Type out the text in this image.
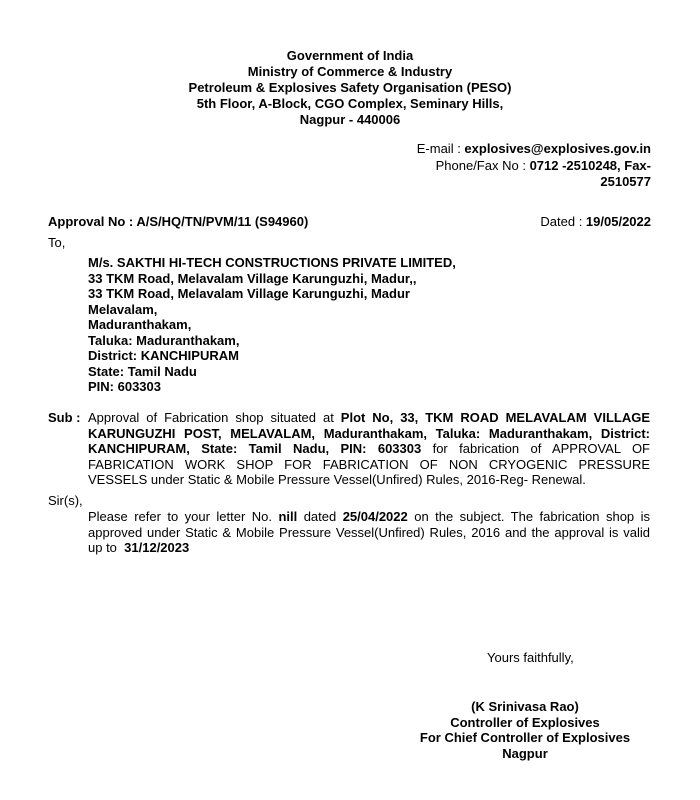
Government of India
Ministry of Commerce & Industry
Petroleum & Explosives Safety Organisation (PESO)
5th Floor, A-Block, CGO Complex, Seminary Hills,
Nagpur - 440006
E-mail : explosives@explosives.gov.in
Phone/Fax No : 0712 -2510248, Fax-
2510577
Approval No : A/S/HQ/TN/PVM/11 (S94960)	Dated : 19/05/2022
To,
M/s. SAKTHI HI-TECH CONSTRUCTIONS PRIVATE LIMITED,
33 TKM Road, Melavalam Village Karunguzhi, Madur,,
33 TKM Road, Melavalam Village Karunguzhi, Madur
Melavalam,
Maduranthakam,
Taluka: Maduranthakam,
District: KANCHIPURAM
State: Tamil Nadu
PIN: 603303
Sub : Approval of Fabrication shop situated at Plot No, 33, TKM ROAD MELAVALAM VILLAGE KARUNGUZHI POST, MELAVALAM, Maduranthakam, Taluka: Maduranthakam, District: KANCHIPURAM, State: Tamil Nadu, PIN: 603303 for fabrication of APPROVAL OF FABRICATION WORK SHOP FOR FABRICATION OF NON CRYOGENIC PRESSURE VESSELS under Static & Mobile Pressure Vessel(Unfired) Rules, 2016-Reg- Renewal.
Sir(s),
Please refer to your letter No. nill dated 25/04/2022 on the subject. The fabrication shop is approved under Static & Mobile Pressure Vessel(Unfired) Rules, 2016 and the approval is valid up to  31/12/2023
Yours faithfully,
(K Srinivasa Rao)
Controller of Explosives
For Chief Controller of Explosives
Nagpur
